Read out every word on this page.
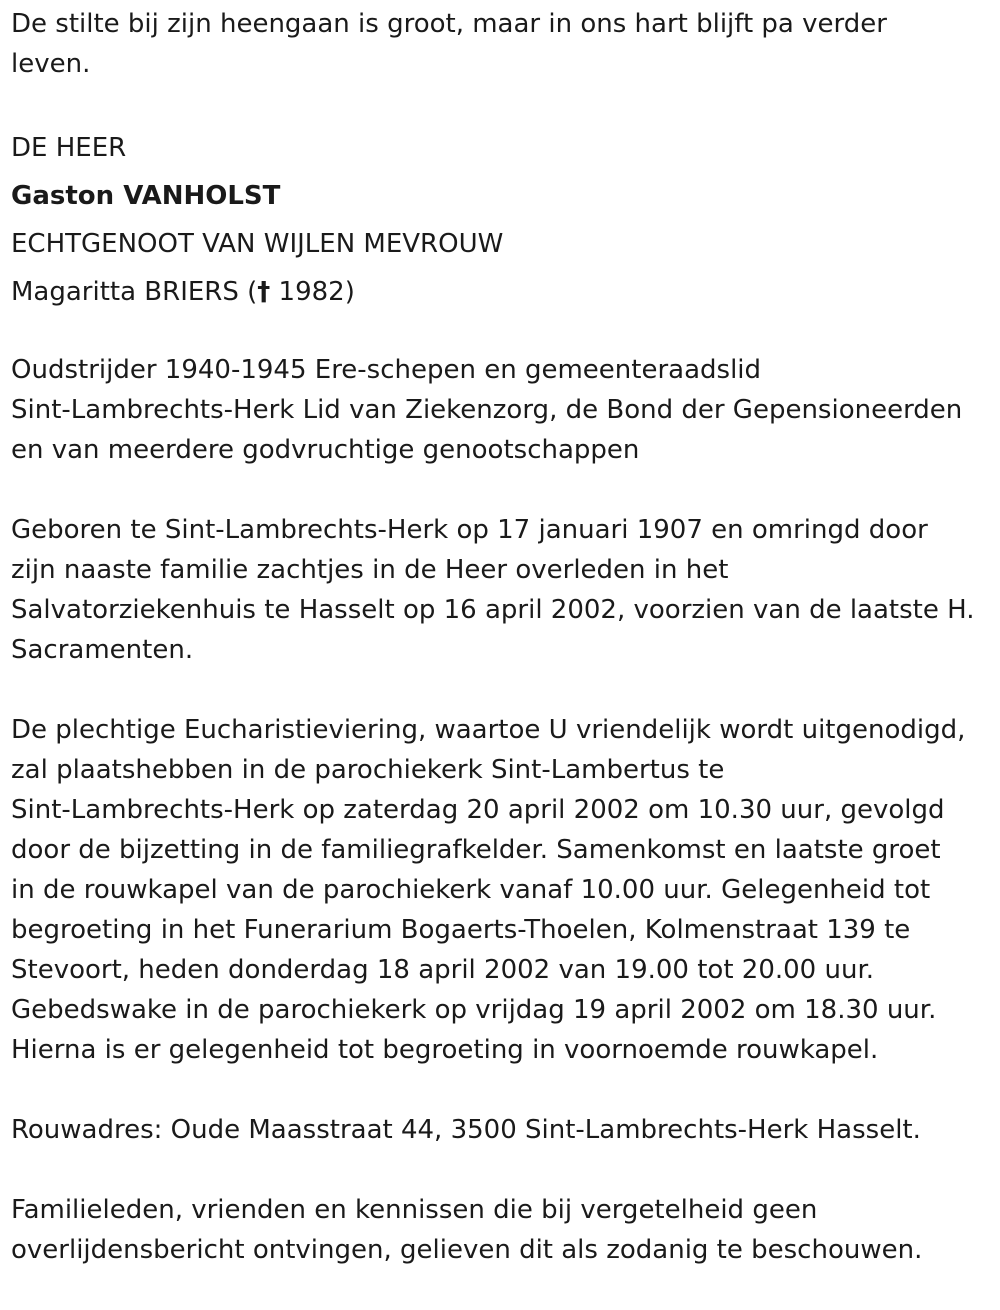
De stilte bij zijn heengaan is groot, maar in ons hart blijft pa verder
leven.
DE HEER
Gaston VANHOLST
ECHTGENOOT VAN WIJLEN MEVROUW
Magaritta BRIERS († 1982)
Oudstrijder 1940-1945 Ere-schepen en gemeenteraadslid
Sint-Lambrechts-Herk Lid van Ziekenzorg, de Bond der Gepensioneerden
en van meerdere godvruchtige genootschappen
Geboren te Sint-Lambrechts-Herk op 17 januari 1907 en omringd door
zijn naaste familie zachtjes in de Heer overleden in het
Salvatorziekenhuis te Hasselt op 16 april 2002, voorzien van de laatste H.
Sacramenten.
De plechtige Eucharistieviering, waartoe U vriendelijk wordt uitgenodigd,
zal plaatshebben in de parochiekerk Sint-Lambertus te
Sint-Lambrechts-Herk op zaterdag 20 april 2002 om 10.30 uur, gevolgd
door de bijzetting in de familiegrafkelder. Samenkomst en laatste groet
in de rouwkapel van de parochiekerk vanaf 10.00 uur. Gelegenheid tot
begroeting in het Funerarium Bogaerts-Thoelen, Kolmenstraat 139 te
Stevoort, heden donderdag 18 april 2002 van 19.00 tot 20.00 uur.
Gebedswake in de parochiekerk op vrijdag 19 april 2002 om 18.30 uur.
Hierna is er gelegenheid tot begroeting in voornoemde rouwkapel.
Rouwadres: Oude Maasstraat 44, 3500 Sint-Lambrechts-Herk Hasselt.
Familieleden, vrienden en kennissen die bij vergetelheid geen
overlijdensbericht ontvingen, gelieven dit als zodanig te beschouwen.
